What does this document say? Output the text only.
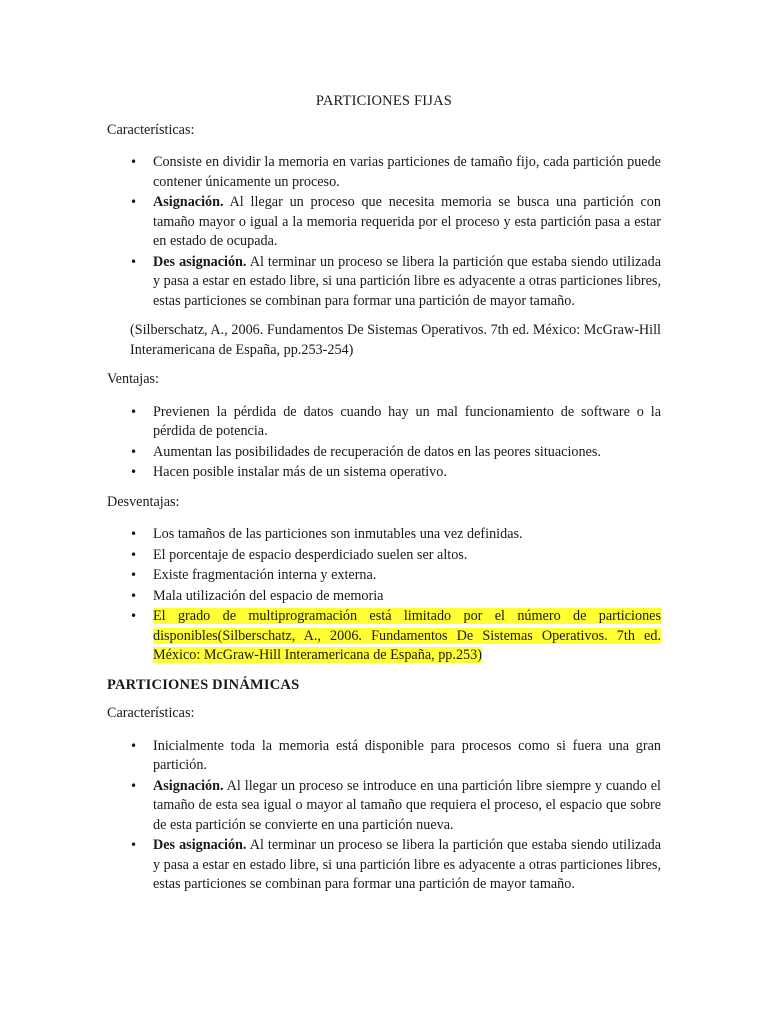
PARTICIONES FIJAS
Características:
• Consiste en dividir la memoria en varias particiones de tamaño fijo, cada partición puede contener únicamente un proceso.
• Asignación. Al llegar un proceso que necesita memoria se busca una partición con tamaño mayor o igual a la memoria requerida por el proceso y esta partición pasa a estar en estado de ocupada.
• Des asignación. Al terminar un proceso se libera la partición que estaba siendo utilizada y pasa a estar en estado libre, si una partición libre es adyacente a otras particiones libres, estas particiones se combinan para formar una partición de mayor tamaño.
(Silberschatz, A., 2006. Fundamentos De Sistemas Operativos. 7th ed. México: McGraw-Hill Interamericana de España, pp.253-254)
Ventajas:
• Previenen la pérdida de datos cuando hay un mal funcionamiento de software o la pérdida de potencia.
• Aumentan las posibilidades de recuperación de datos en las peores situaciones.
• Hacen posible instalar más de un sistema operativo.
Desventajas:
• Los tamaños de las particiones son inmutables una vez definidas.
• El porcentaje de espacio desperdiciado suelen ser altos.
• Existe fragmentación interna y externa.
• Mala utilización del espacio de memoria
• El grado de multiprogramación está limitado por el número de particiones disponibles(Silberschatz, A., 2006. Fundamentos De Sistemas Operativos. 7th ed. México: McGraw-Hill Interamericana de España, pp.253)
PARTICIONES DINÁMICAS
Características:
• Inicialmente toda la memoria está disponible para procesos como si fuera una gran partición.
• Asignación. Al llegar un proceso se introduce en una partición libre siempre y cuando el tamaño de esta sea igual o mayor al tamaño que requiera el proceso, el espacio que sobre de esta partición se convierte en una partición nueva.
• Des asignación. Al terminar un proceso se libera la partición que estaba siendo utilizada y pasa a estar en estado libre, si una partición libre es adyacente a otras particiones libres, estas particiones se combinan para formar una partición de mayor tamaño.
